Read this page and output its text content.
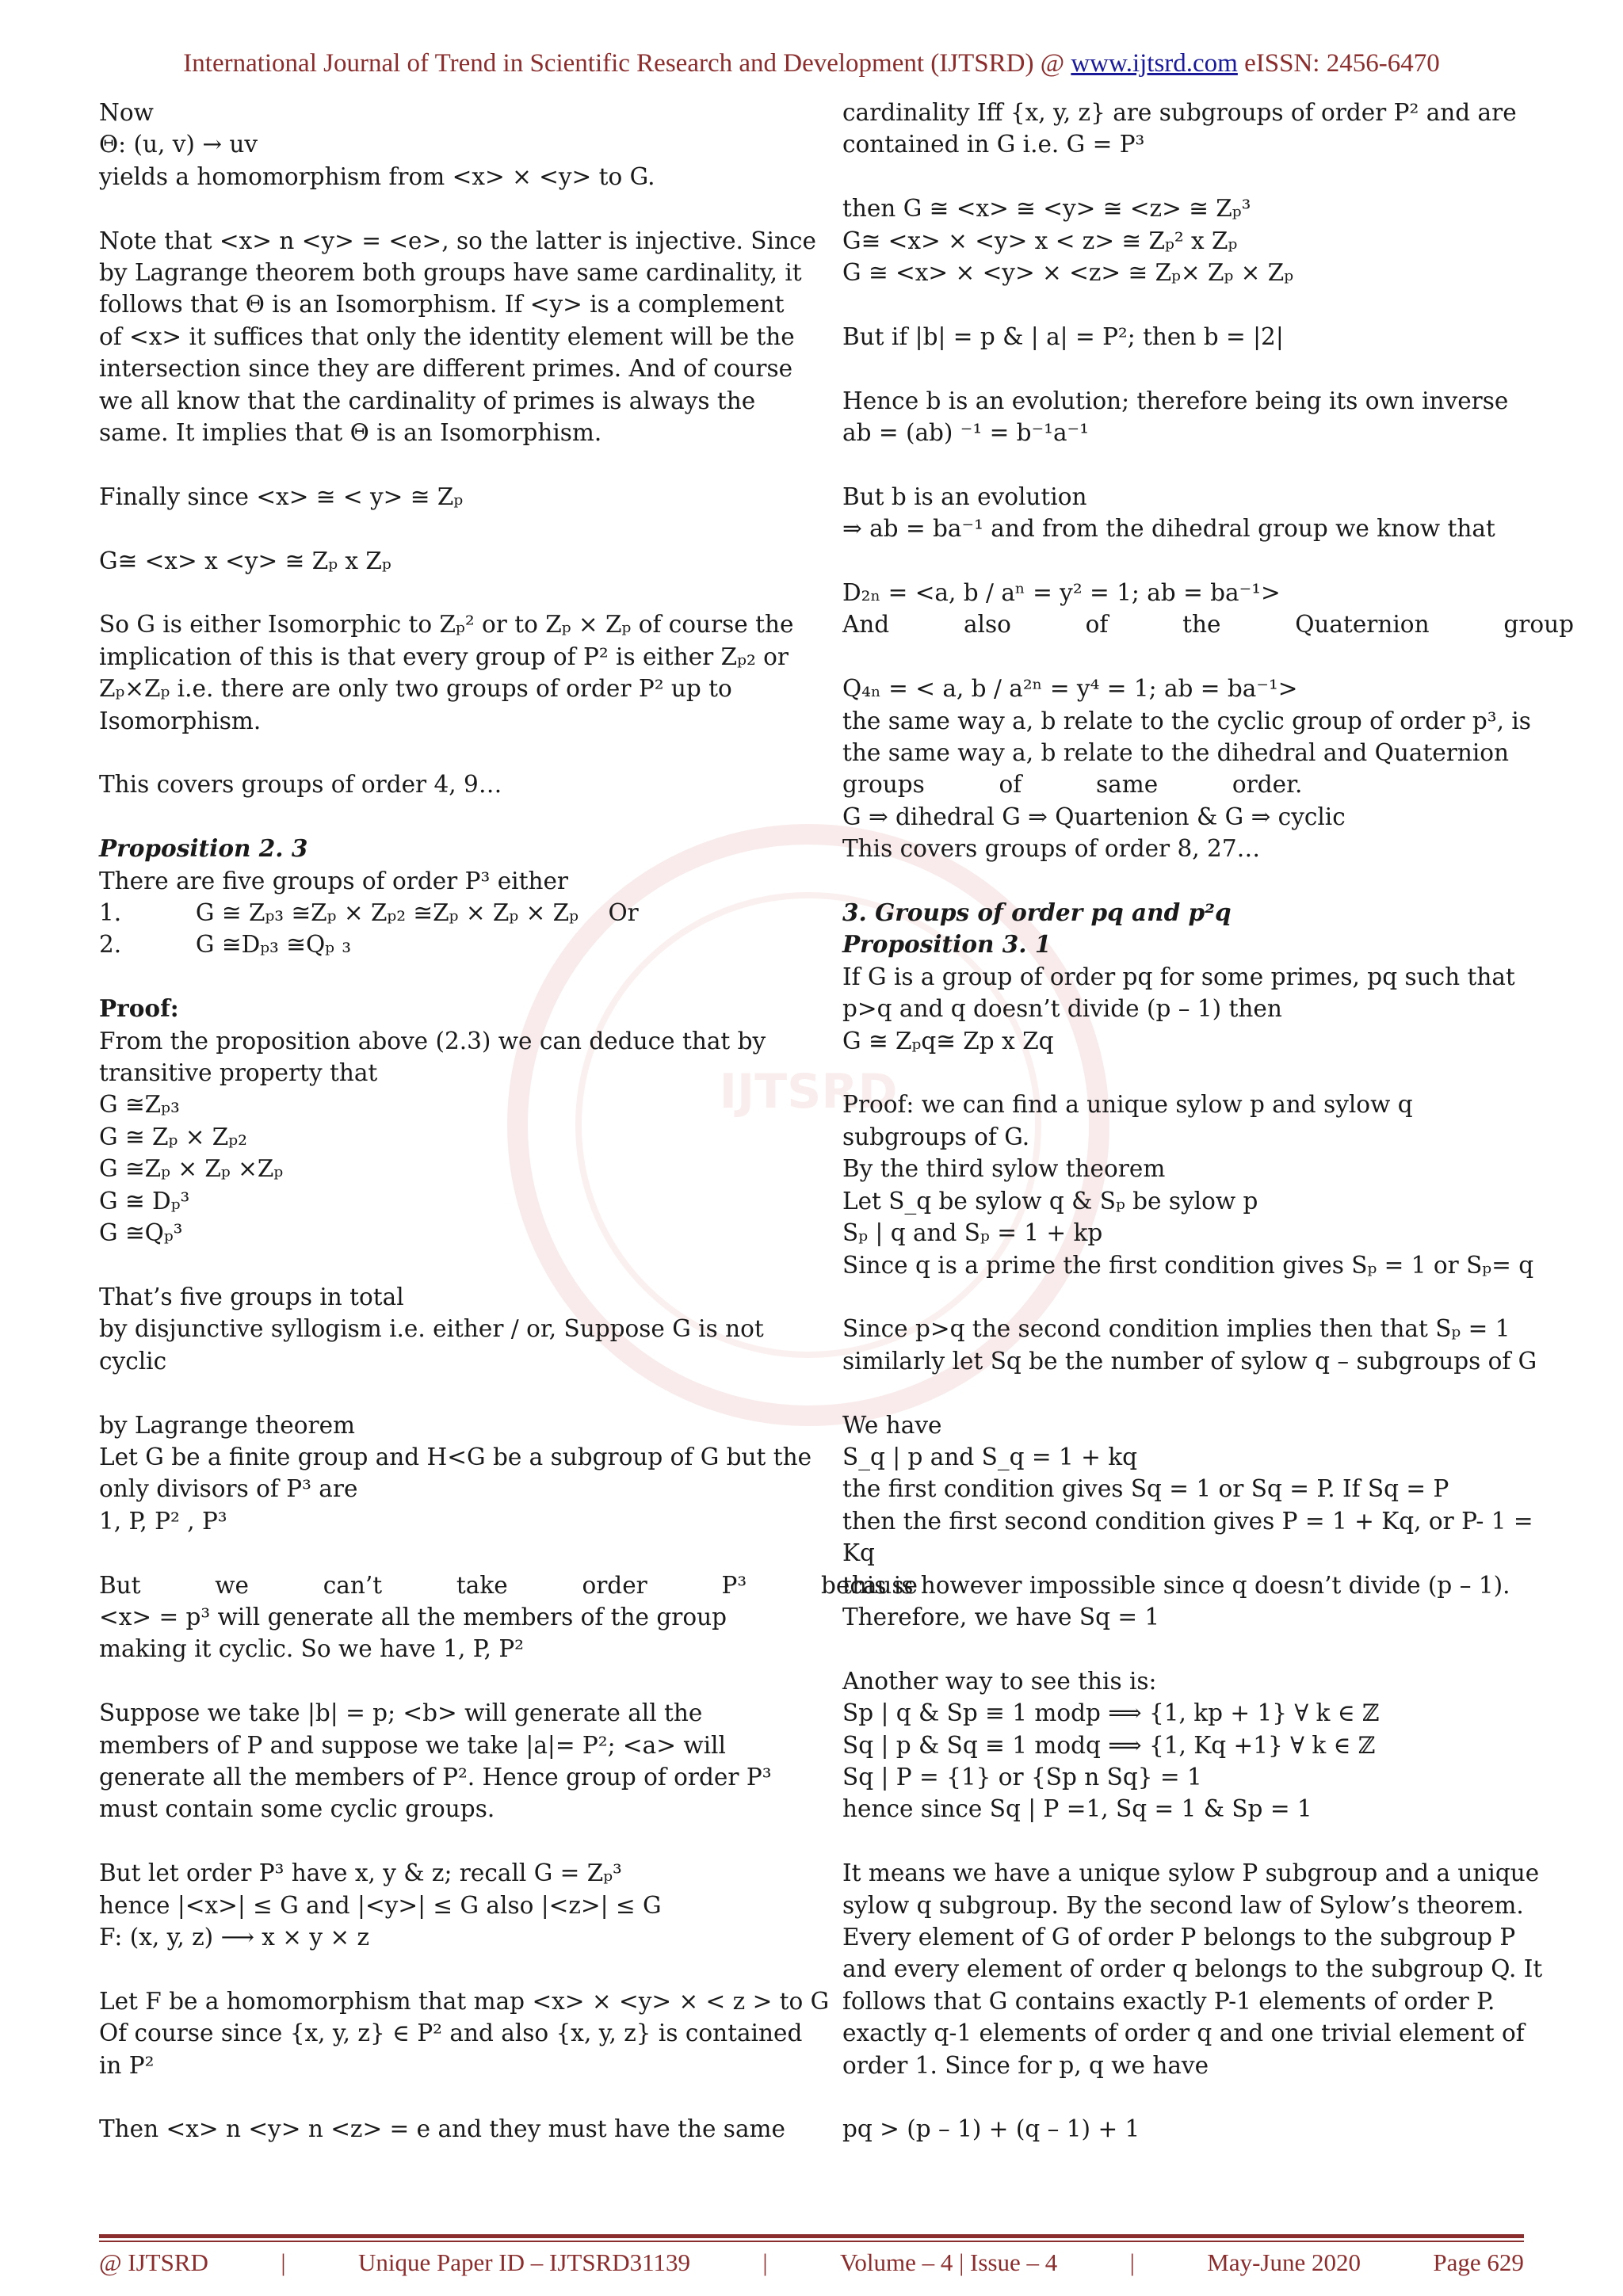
International Journal of Trend in Scientific Research and Development (IJTSRD) @ www.ijtsrd.com eISSN: 2456-6470
IJTSRD
Now
Θ: (u, v) → uv
yields a homomorphism from <x> × <y> to G.
Note that <x> n <y> = <e>, so the latter is injective. Since
by Lagrange theorem both groups have same cardinality, it
follows that Θ is an Isomorphism. If <y> is a complement
of <x> it suffices that only the identity element will be the
intersection since they are different primes. And of course
we all know that the cardinality of primes is always the
same. It implies that Θ is an Isomorphism.
Finally since <x> ≅ < y> ≅ Zₚ
G≅ <x> x <y> ≅ Zₚ x Zₚ
So G is either Isomorphic to Zₚ² or to Zₚ × Zₚ of course the
implication of this is that every group of P² is either Zₚ₂ or
Zₚ×Zₚ i.e. there are only two groups of order P² up to
Isomorphism.
This covers groups of order 4, 9…
Proposition 2. 3
There are five groups of order P³ either
1.          G ≅ Zₚ₃ ≅Zₚ × Zₚ₂ ≅Zₚ × Zₚ × Zₚ    Or
2.          G ≅Dₚ₃ ≅Qₚ ₃
Proof:
From the proposition above (2.3) we can deduce that by
transitive property that
G ≅Zₚ₃
G ≅ Zₚ × Zₚ₂
G ≅Zₚ × Zₚ ×Zₚ
G ≅ Dₚ³
G ≅Qₚ³
That’s five groups in total
by disjunctive syllogism i.e. either / or, Suppose G is not
cyclic
by Lagrange theorem
Let G be a finite group and H<G be a subgroup of G but the
only divisors of P³ are
1, P, P² , P³
But          we          can’t          take          order          P³          because
<x> = p³ will generate all the members of the group
making it cyclic. So we have 1, P, P²
Suppose we take |b| = p; <b> will generate all the
members of P and suppose we take |a|= P²; <a> will
generate all the members of P². Hence group of order P³
must contain some cyclic groups.
But let order P³ have x, y & z; recall G = Zₚ³
hence |<x>| ≤ G and |<y>| ≤ G also |<z>| ≤ G
F: (x, y, z) ⟶ x × y × z
Let F be a homomorphism that map <x> × <y> × < z > to G
Of course since {x, y, z} ∈ P² and also {x, y, z} is contained
in P²
Then <x> n <y> n <z> = e and they must have the same
cardinality Iff {x, y, z} are subgroups of order P² and are
contained in G i.e. G = P³
then G ≅ <x> ≅ <y> ≅ <z> ≅ Zₚ³
G≅ <x> × <y> x < z> ≅ Zₚ² x Zₚ
G ≅ <x> × <y> × <z> ≅ Zₚ× Zₚ × Zₚ
But if |b| = p & | a| = P²; then b = |2|
Hence b is an evolution; therefore being its own inverse
ab = (ab) ⁻¹ = b⁻¹a⁻¹
But b is an evolution
⇒ ab = ba⁻¹ and from the dihedral group we know that
D₂ₙ = <a, b / aⁿ = y² = 1; ab = ba⁻¹>
And          also          of          the          Quaternion          group
Q₄ₙ = < a, b / a²ⁿ = y⁴ = 1; ab = ba⁻¹>
the same way a, b relate to the cyclic group of order p³, is
the same way a, b relate to the dihedral and Quaternion
groups          of          same          order.
G ⇒ dihedral G ⇒ Quartenion & G ⇒ cyclic
This covers groups of order 8, 27…
3. Groups of order pq and p²q
Proposition 3. 1
If G is a group of order pq for some primes, pq such that
p>q and q doesn’t divide (p – 1) then
G ≅ Zₚq≅ Zp x Zq
Proof: we can find a unique sylow p and sylow q
subgroups of G.
By the third sylow theorem
Let S_q be sylow q & Sₚ be sylow p
Sₚ | q and Sₚ = 1 + kp
Since q is a prime the first condition gives Sₚ = 1 or Sₚ= q
Since p>q the second condition implies then that Sₚ = 1
similarly let Sq be the number of sylow q – subgroups of G
We have
S_q | p and S_q = 1 + kq
the first condition gives Sq = 1 or Sq = P. If Sq = P
then the first second condition gives P = 1 + Kq, or P- 1 =
Kq
this is however impossible since q doesn’t divide (p – 1).
Therefore, we have Sq = 1
Another way to see this is:
Sp | q & Sp ≡ 1 modp ⟹ {1, kp + 1} ∀ k ∈ ℤ
Sq | p & Sq ≡ 1 modq ⟹ {1, Kq +1} ∀ k ∈ ℤ
Sq | P = {1} or {Sp n Sq} = 1
hence since Sq | P =1, Sq = 1 & Sp = 1
It means we have a unique sylow P subgroup and a unique
sylow q subgroup. By the second law of Sylow’s theorem.
Every element of G of order P belongs to the subgroup P
and every element of order q belongs to the subgroup Q. It
follows that G contains exactly P-1 elements of order P.
exactly q-1 elements of order q and one trivial element of
order 1. Since for p, q we have
pq > (p – 1) + (q – 1) + 1
@ IJTSRD	|	Unique Paper ID – IJTSRD31139	|	Volume – 4 | Issue – 4	|	May-June 2020	Page 629
